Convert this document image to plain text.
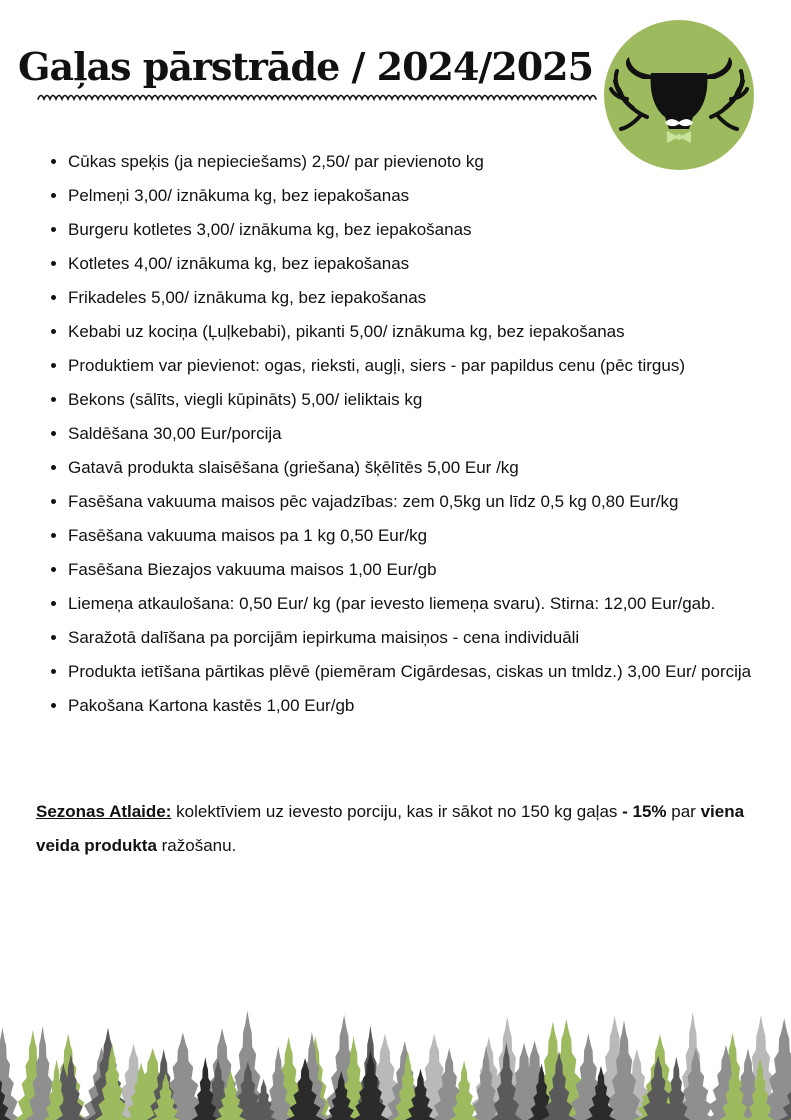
Gaļas pārstrāde / 2024/2025
• Cūkas speķis (ja nepieciešams) 2,50/ par pievienoto kg
• Pelmeņi 3,00/ iznākuma kg, bez iepakošanas
• Burgeru kotletes 3,00/ iznākuma kg, bez iepakošanas
• Kotletes 4,00/ iznākuma kg, bez iepakošanas
• Frikadeles 5,00/ iznākuma kg, bez iepakošanas
• Kebabi uz kociņa (Ļuļkebabi), pikanti 5,00/ iznākuma kg, bez iepakošanas
• Produktiem var pievienot: ogas, rieksti, augļi, siers - par papildus cenu (pēc tirgus)
• Bekons (sālīts, viegli kūpināts) 5,00/ ieliktais kg
• Saldēšana 30,00 Eur/porcija
• Gatavā produkta slaisēšana (griešana) šķēlītēs 5,00 Eur /kg
• Fasēšana vakuuma maisos pēc vajadzības: zem 0,5kg un līdz 0,5 kg 0,80 Eur/kg
• Fasēšana vakuuma maisos pa 1 kg 0,50 Eur/kg
• Fasēšana Biezajos vakuuma maisos 1,00 Eur/gb
• Liemeņa atkaulošana: 0,50 Eur/ kg (par ievesto liemeņa svaru). Stirna: 12,00 Eur/gab.
• Saražotā dalīšana pa porcijām iepirkuma maisiņos - cena individuāli
• Produkta ietīšana pārtikas plēvē (piemēram Cigārdesas, ciskas un tmldz.) 3,00 Eur/ porcija
• Pakošana Kartona kastēs 1,00 Eur/gb

Sezonas Atlaide: kolektīviem uz ievesto porciju, kas ir sākot no 150 kg gaļas - 15% par viena veida produkta ražošanu.
